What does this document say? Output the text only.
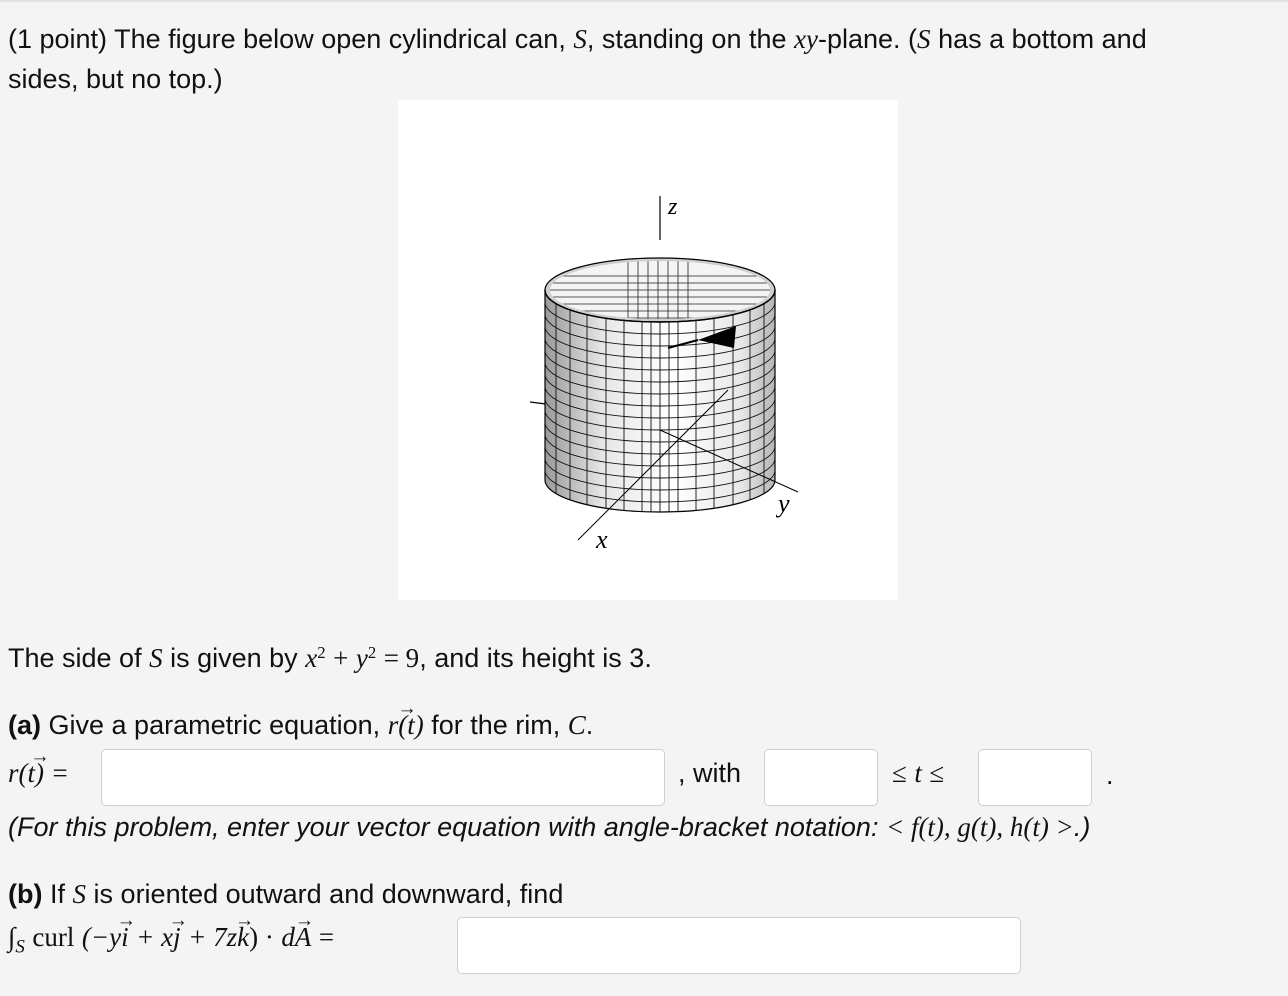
(1 point) The figure below open cylindrical can, S, standing on the xy-plane. (S has a bottom and
sides, but no top.)
z
x
y
The side of S is given by $x^2 + y^2 = 9$, and its height is 3.
(a) Give a parametric equation, → r(t) for the rim, C.
→ r(t) =	, with	≤ t ≤	.
(For this problem, enter your vector equation with angle-bracket notation: < f(t), g(t), h(t) >.)
(b) If S is oriented outward and downward, find
$\int_S$ curl (−y→ i + x→ j + 7z→ k) · d→ A =
